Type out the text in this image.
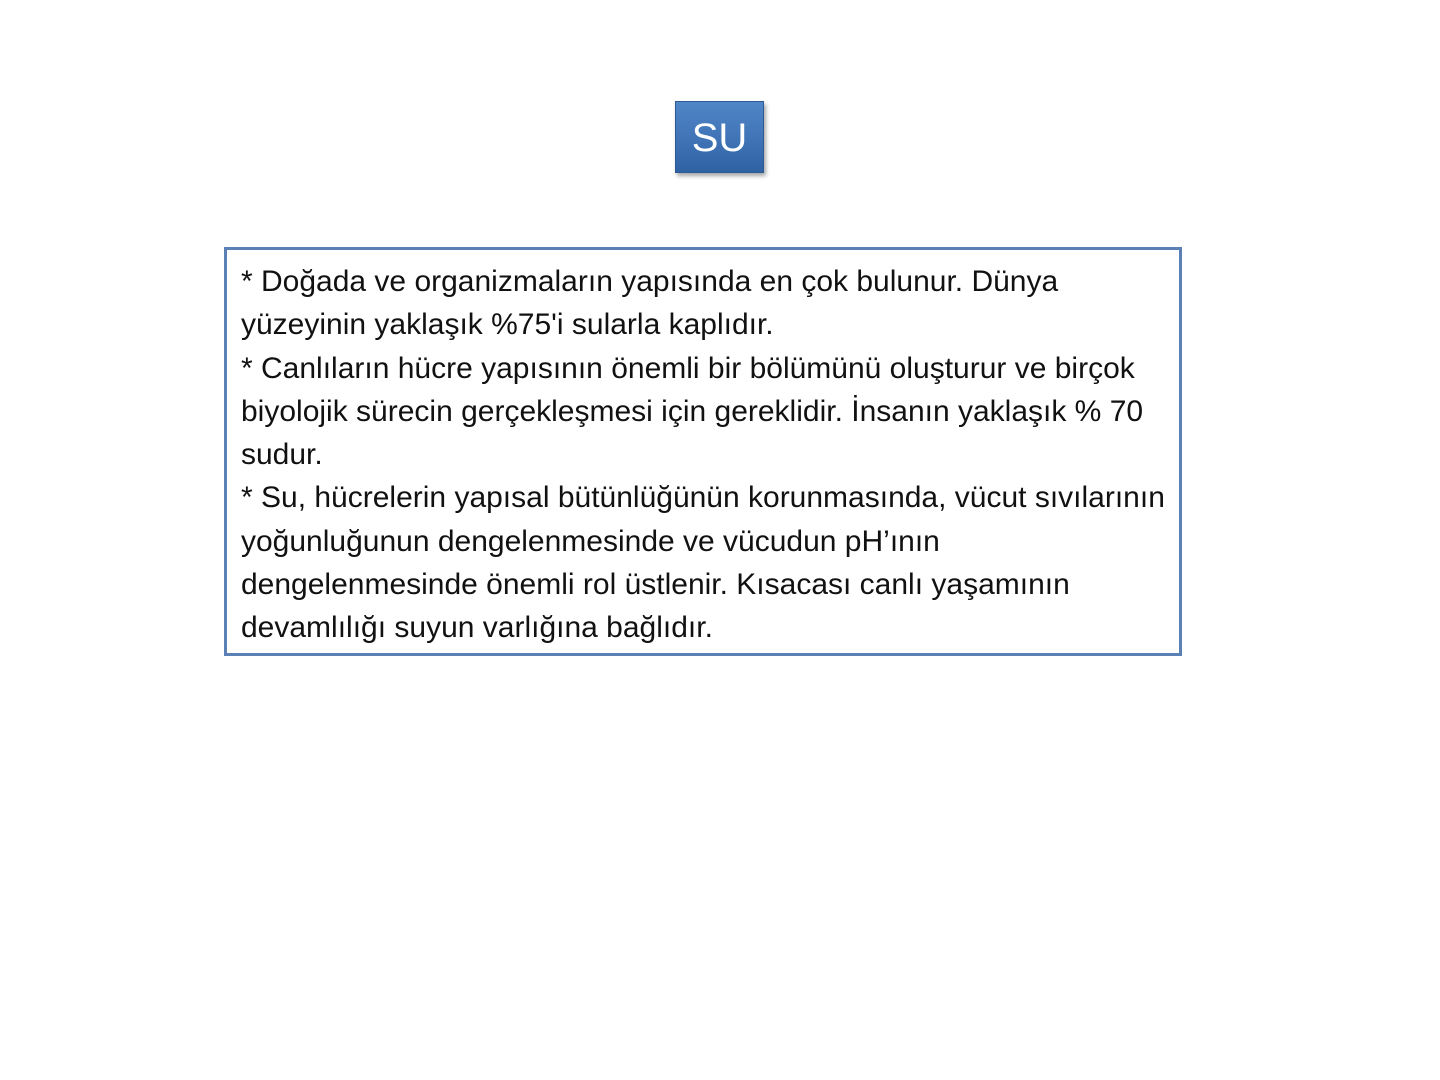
SU

* Doğada ve organizmaların yapısında en çok bulunur. Dünya yüzeyinin yaklaşık %75'i sularla kaplıdır.

* Canlıların hücre yapısının önemli bir bölümünü oluşturur ve birçok biyolojik sürecin gerçekleşmesi için gereklidir. İnsanın yaklaşık % 70 sudur.

* Su, hücrelerin yapısal bütünlüğünün korunmasında, vücut sıvılarının yoğunluğunun dengelenmesinde ve vücudun pH’ının dengelenmesinde önemli rol üstlenir. Kısacası canlı yaşamının devamlılığı suyun varlığına bağlıdır.
